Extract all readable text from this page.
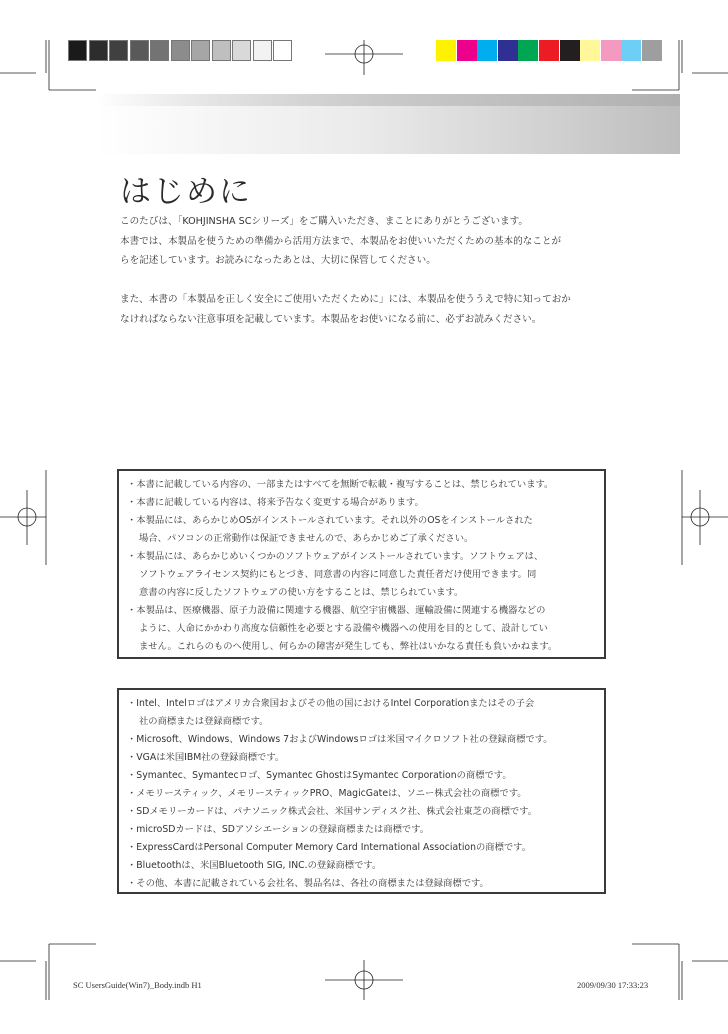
はじめに

このたびは、「KOHJINSHA SCシリーズ」をご購入いただき、まことにありがとうございます。

本書では、本製品を使うための準備から活用方法まで、本製品をお使いいただくための基本的なことが

らを記述しています。お読みになったあとは、大切に保管してください。

また、本書の「本製品を正しく安全にご使用いただくために」には、本製品を使ううえで特に知っておか

なければならない注意事項を記載しています。本製品をお使いになる前に、必ずお読みください。

・本書に記載している内容の、一部またはすべてを無断で転載・複写することは、禁じられています。

・本書に記載している内容は、将来予告なく変更する場合があります。

・本製品には、あらかじめOSがインストールされています。それ以外のOSをインストールされた

場合、パソコンの正常動作は保証できませんので、あらかじめご了承ください。

・本製品には、あらかじめいくつかのソフトウェアがインストールされています。ソフトウェアは、

ソフトウェアライセンス契約にもとづき、同意書の内容に同意した責任者だけ使用できます。同

意書の内容に反したソフトウェアの使い方をすることは、禁じられています。

・本製品は、医療機器、原子力設備に関連する機器、航空宇宙機器、運輸設備に関連する機器などの

ように、人命にかかわり高度な信頼性を必要とする設備や機器への使用を目的として、設計してい

ません。これらのものへ使用し、何らかの障害が発生しても、弊社はいかなる責任も負いかねます。

・Intel、Intelロゴはアメリカ合衆国およびその他の国におけるIntel Corporationまたはその子会

社の商標または登録商標です。

・Microsoft、Windows、Windows 7およびWindowsロゴは米国マイクロソフト社の登録商標です。

・VGAは米国IBM社の登録商標です。

・Symantec、Symantecロゴ、Symantec GhostはSymantec Corporationの商標です。

・メモリースティック、メモリースティックPRO、MagicGateは、ソニー株式会社の商標です。

・SDメモリーカードは、パナソニック株式会社、米国サンディスク社、株式会社東芝の商標です。

・microSDカードは、SDアソシエーションの登録商標または商標です。

・ExpressCardはPersonal Computer Memory Card International Associationの商標です。

・Bluetoothは、米国Bluetooth SIG, INC.の登録商標です。

・その他、本書に記載されている会社名、製品名は、各社の商標または登録商標です。

SC UsersGuide(Win7)_Body.indb H1	2009/09/30 17:33:23
